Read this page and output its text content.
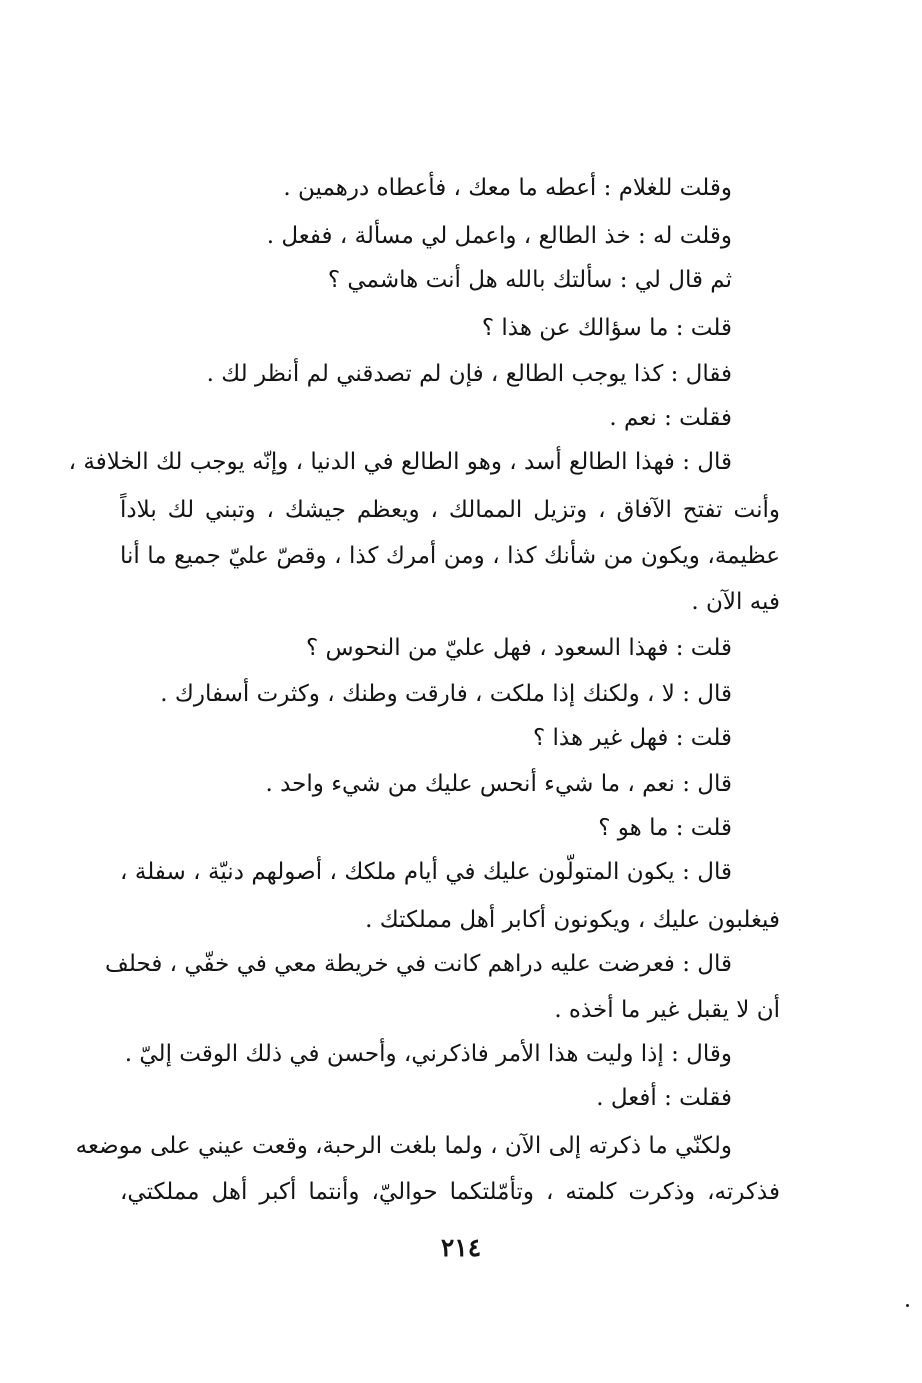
وقلت للغلام : أعطه ما معك ، فأعطاه درهمين .
وقلت له : خذ الطالع ، واعمل لي مسألة ، ففعل .
ثم قال لي : سألتك بالله هل أنت هاشمي ؟
قلت : ما سؤالك عن هذا ؟
فقال : كذا يوجب الطالع ، فإن لم تصدقني لم أنظر لك .
فقلت : نعم .
قال : فهذا الطالع أسد ، وهو الطالع في الدنيا ، وإنّه يوجب لك الخلافة ،
وأنت تفتح الآفاق ، وتزيل الممالك ، ويعظم جيشك ، وتبني لك بلاداً
عظيمة، ويكون من شأنك كذا ، ومن أمرك كذا ، وقصّ عليّ جميع ما أنا
فيه الآن .
قلت : فهذا السعود ، فهل عليّ من النحوس ؟
قال : لا ، ولكنك إذا ملكت ، فارقت وطنك ، وكثرت أسفارك .
قلت : فهل غير هذا ؟
قال : نعم ، ما شيء أنحس عليك من شيء واحد .
قلت : ما هو ؟
قال : يكون المتولّون عليك في أيام ملكك ، أصولهم دنيّة ، سفلة ،
فيغلبون عليك ، ويكونون أكابر أهل مملكتك .
قال : فعرضت عليه دراهم كانت في خريطة معي في خفّي ، فحلف
أن لا يقبل غير ما أخذه .
وقال : إذا وليت هذا الأمر فاذكرني، وأحسن في ذلك الوقت إليّ .
فقلت : أفعل .
ولكنّي ما ذكرته إلى الآن ، ولما بلغت الرحبة، وقعت عيني على موضعه
فذكرته، وذكرت كلمته ، وتأمّلتكما حواليّ، وأنتما أكبر أهل مملكتي،
٢١٤
